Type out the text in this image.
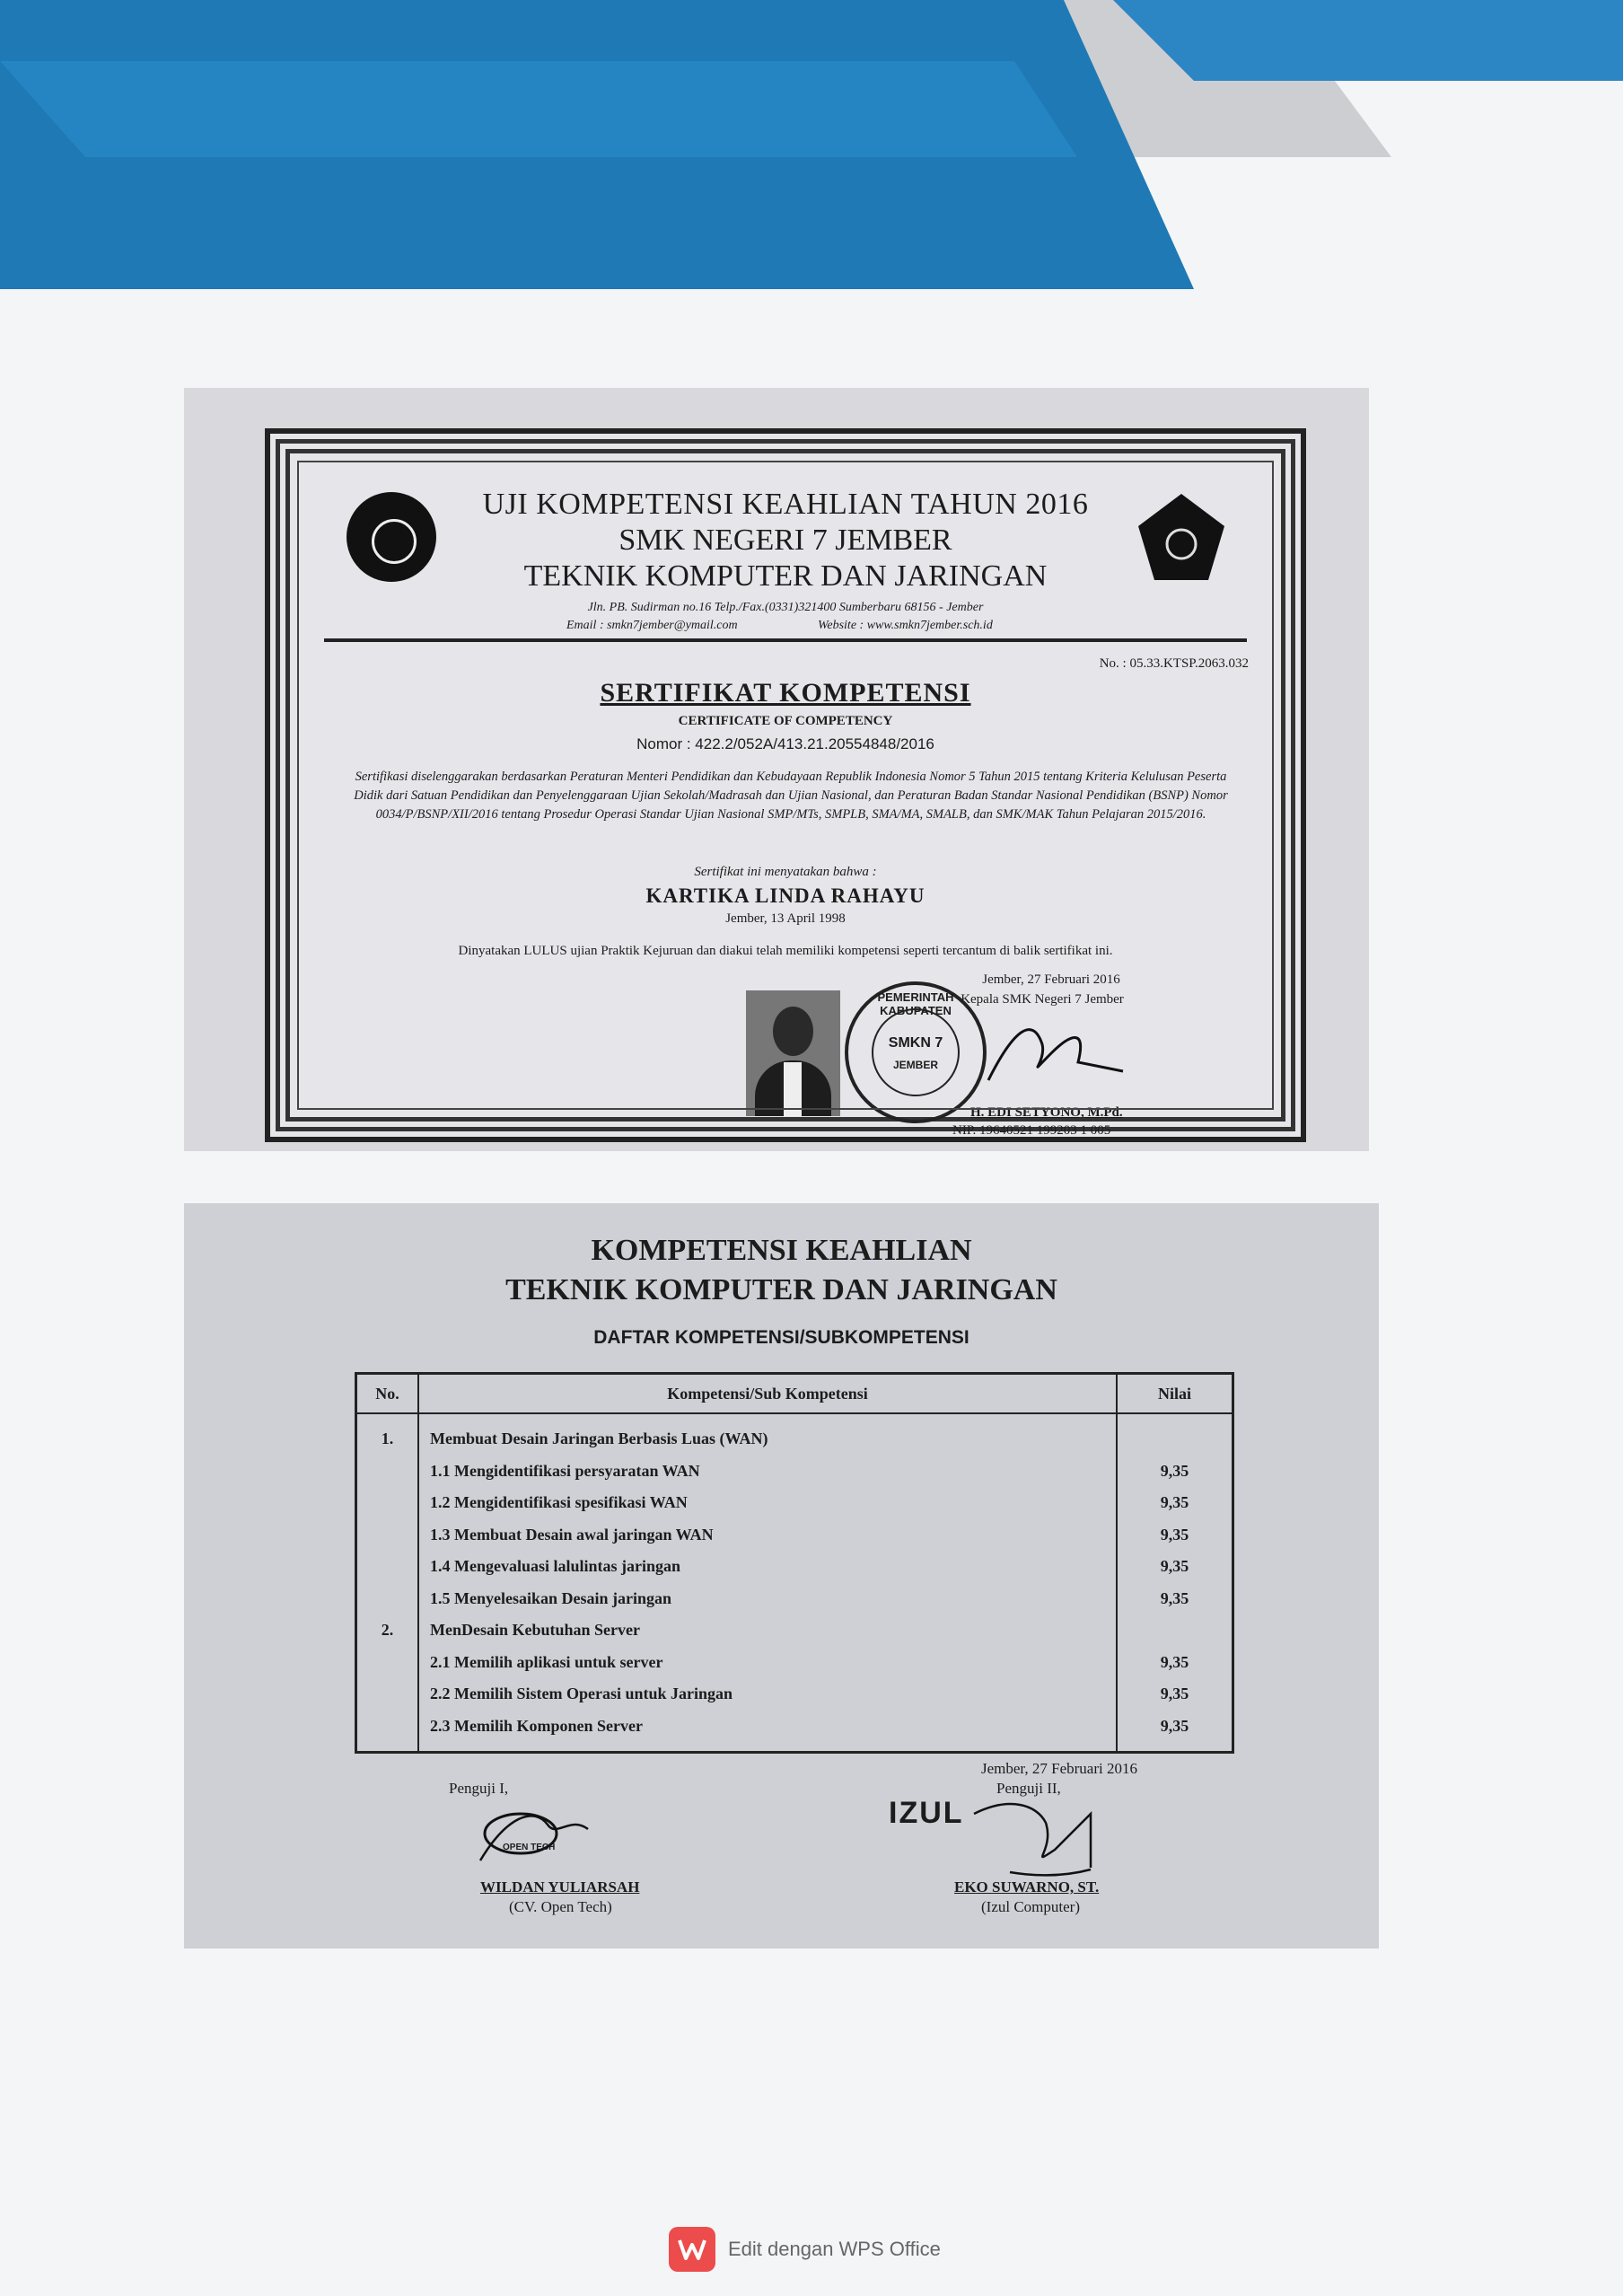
UJI KOMPETENSI KEAHLIAN TAHUN 2016
SMK NEGERI 7 JEMBER
TEKNIK KOMPUTER DAN JARINGAN
Jln. PB. Sudirman no.16 Telp./Fax.(0331)321400 Sumberbaru 68156 - Jember
Email : smkn7jember@ymail.com	Website : www.smkn7jember.sch.id
No. : 05.33.KTSP.2063.032
SERTIFIKAT KOMPETENSI
CERTIFICATE OF COMPETENCY
Nomor : 422.2/052A/413.21.20554848/2016
Sertifikasi diselenggarakan berdasarkan Peraturan Menteri Pendidikan dan Kebudayaan Republik Indonesia Nomor 5 Tahun 2015 tentang Kriteria Kelulusan Peserta Didik dari Satuan Pendidikan dan Penyelenggaraan Ujian Sekolah/Madrasah dan Ujian Nasional, dan Peraturan Badan Standar Nasional Pendidikan (BSNP) Nomor 0034/P/BSNP/XII/2016 tentang Prosedur Operasi Standar Ujian Nasional SMP/MTs, SMPLB, SMA/MA, SMALB, dan SMK/MAK Tahun Pelajaran 2015/2016.
Sertifikat ini menyatakan bahwa :
KARTIKA LINDA RAHAYU
Jember, 13 April 1998
Dinyatakan LULUS ujian Praktik Kejuruan dan diakui telah memiliki kompetensi seperti tercantum di balik sertifikat ini.
Jember, 27 Februari 2016
Kepala SMK Negeri 7 Jember
PEMERINTAH KABUPATEN
SMKN 7
JEMBER
H. EDI SETYONO, M.Pd.
NIP. 19640521 199203 1 005
KOMPETENSI KEAHLIAN
TEKNIK KOMPUTER DAN JARINGAN
DAFTAR KOMPETENSI/SUBKOMPETENSI
No.	Kompetensi/Sub Kompetensi	Nilai

1.	Membuat Desain Jaringan Berbasis Luas (WAN)	
	1.1 Mengidentifikasi persyaratan WAN	9,35
	1.2 Mengidentifikasi spesifikasi WAN	9,35
	1.3 Membuat Desain awal jaringan WAN	9,35
	1.4 Mengevaluasi lalulintas jaringan	9,35
	1.5 Menyelesaikan Desain jaringan	9,35
2.	MenDesain Kebutuhan Server	
	2.1 Memilih aplikasi untuk server	9,35
	2.2 Memilih Sistem Operasi untuk Jaringan	9,35
	2.3 Memilih Komponen Server	9,35

Jember, 27 Februari 2016
Penguji I,	Penguji II,
OPEN TECH
IZUL
WILDAN YULIARSAH
(CV. Open Tech)
EKO SUWARNO, ST.
(Izul Computer)
Edit dengan WPS Office
